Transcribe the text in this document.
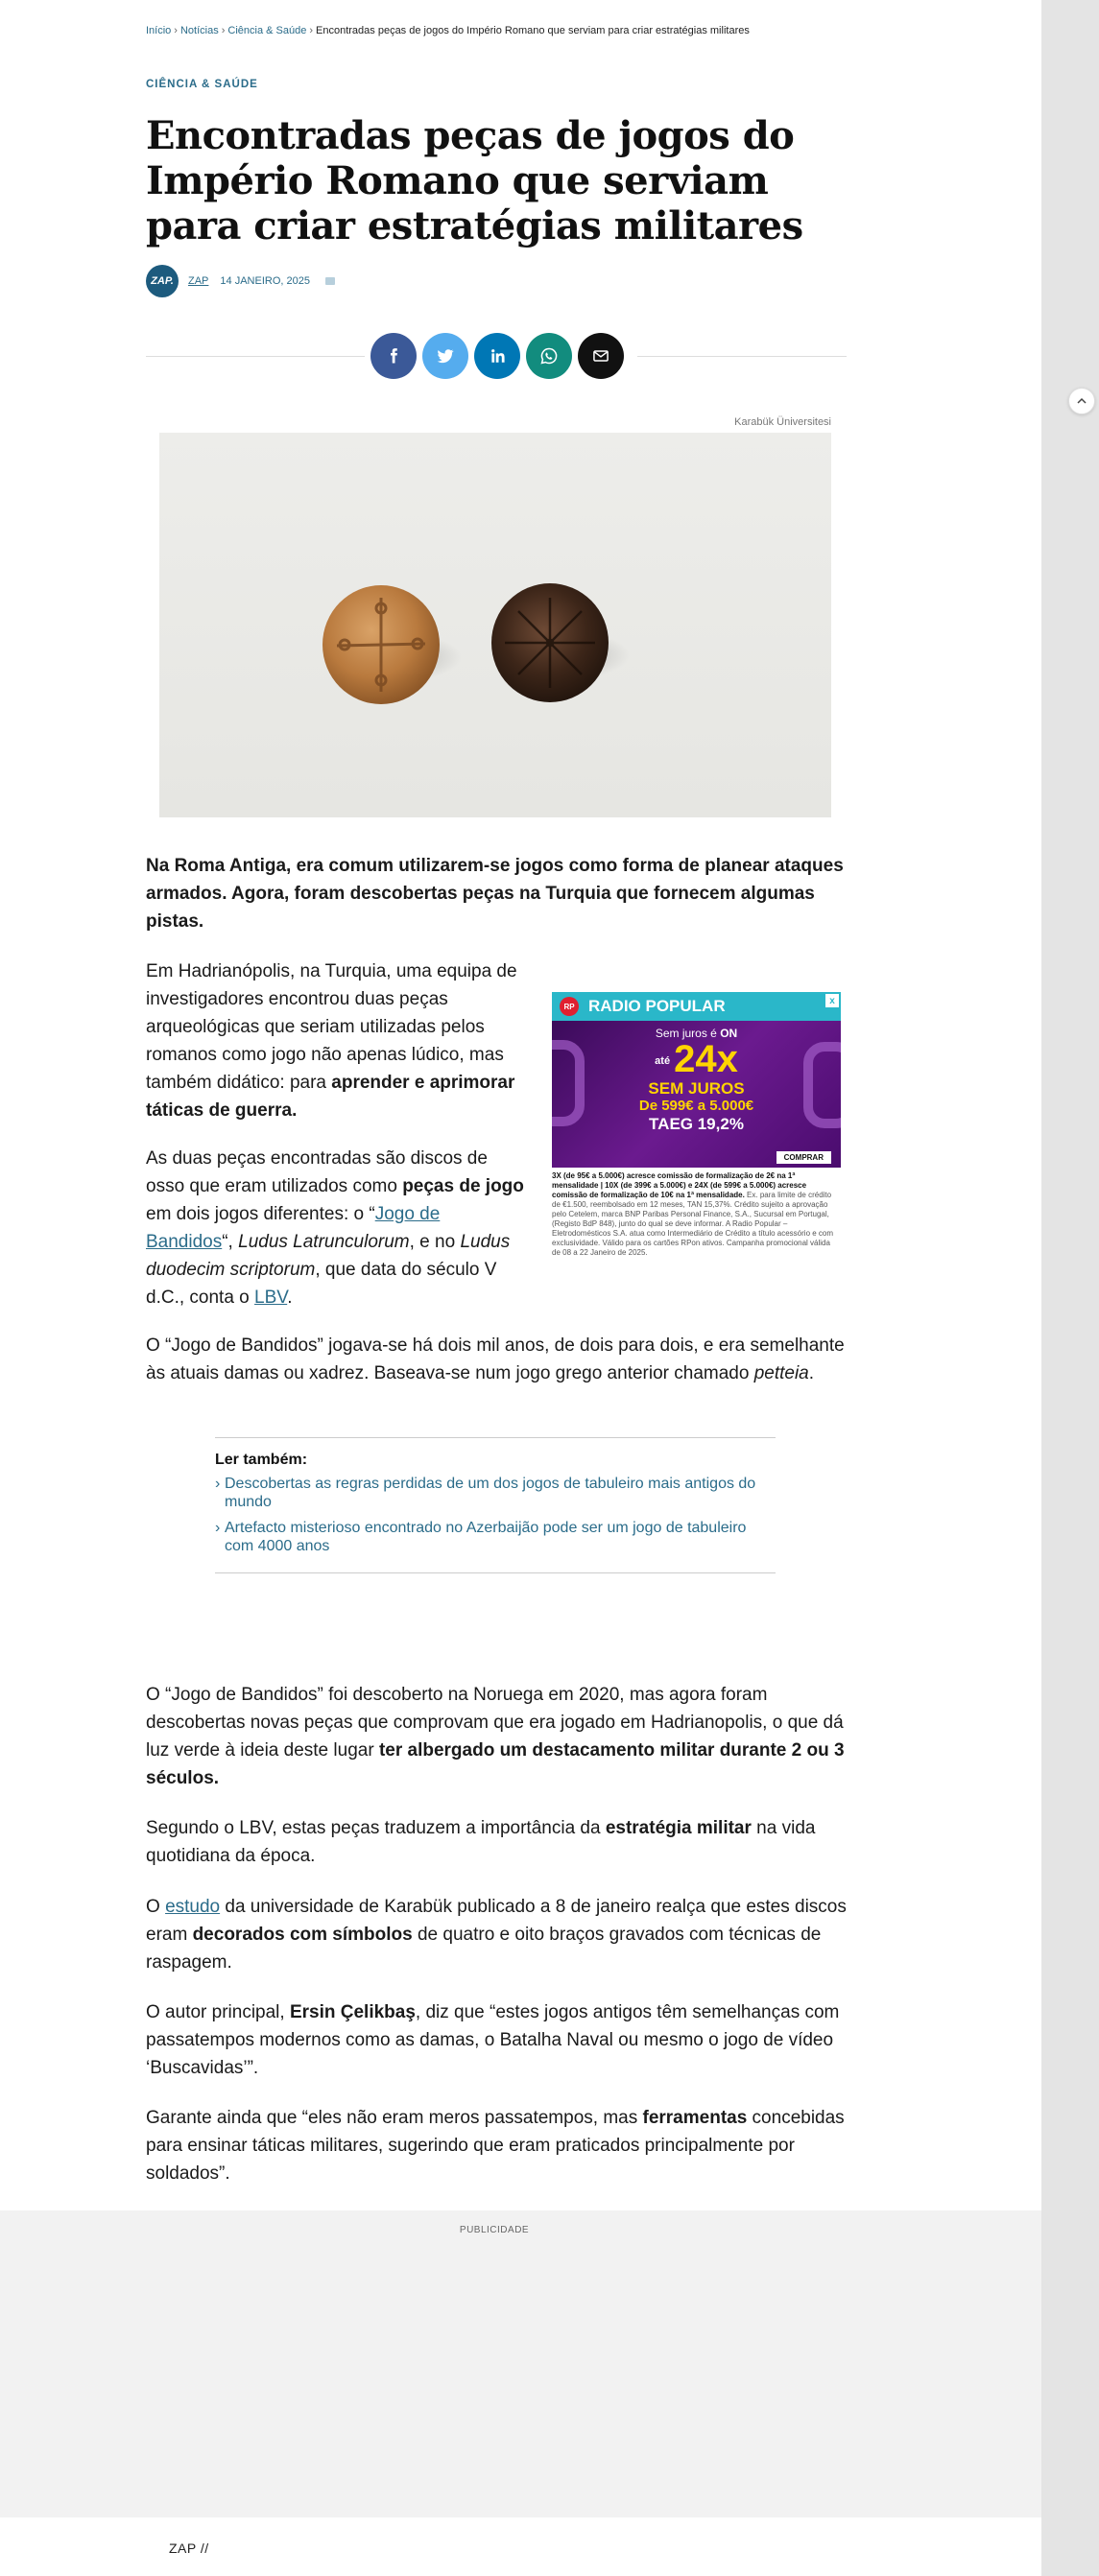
Início › Notícias › Ciência & Saúde › Encontradas peças de jogos do Império Romano que serviam para criar estratégias militares
CIÊNCIA & SAÚDE
Encontradas peças de jogos do Império Romano que serviam para criar estratégias militares
ZAP.	ZAP 14 JANEIRO, 2025
Karabük Üniversitesi

Na Roma Antiga, era comum utilizarem-se jogos como forma de planear ataques armados. Agora, foram descobertas peças na Turquia que fornecem algumas pistas.

Em Hadrianópolis, na Turquia, uma equipa de investigadores encontrou duas peças arqueológicas que seriam utilizadas pelos romanos como jogo não apenas lúdico, mas também didático: para aprender e aprimorar táticas de guerra.

As duas peças encontradas são discos de osso que eram utilizados como peças de jogo em dois jogos diferentes: o “Jogo de Bandidos“, Ludus Latrunculorum, e no Ludus duodecim scriptorum, que data do século V d.C., conta o LBV.

RP RADIO POPULAR	x
Sem juros é ON
até 24x
SEM JUROS
De 599€ a 5.000€
TAEG 19,2%
COMPRAR
3X (de 95€ a 5.000€) acresce comissão de formalização de 2€ na 1ª mensalidade | 10X (de 399€ a 5.000€) e 24X (de 599€ a 5.000€) acresce comissão de formalização de 10€ na 1ª mensalidade. Ex. para limite de crédito de €1.500, reembolsado em 12 meses, TAN 15,37%. Crédito sujeito a aprovação pelo Cetelem, marca BNP Paribas Personal Finance, S.A., Sucursal em Portugal, (Registo BdP 848), junto do qual se deve informar. A Radio Popular – Eletrodomésticos S.A. atua como Intermediário de Crédito a título acessório e com exclusividade. Válido para os cartões RPon ativos. Campanha promocional válida de 08 a 22 Janeiro de 2025.

O “Jogo de Bandidos” jogava-se há dois mil anos, de dois para dois, e era semelhante às atuais damas ou xadrez. Baseava-se num jogo grego anterior chamado petteia.

Ler também:
› Descobertas as regras perdidas de um dos jogos de tabuleiro mais antigos do mundo
› Artefacto misterioso encontrado no Azerbaijão pode ser um jogo de tabuleiro com 4000 anos

O “Jogo de Bandidos” foi descoberto na Noruega em 2020, mas agora foram descobertas novas peças que comprovam que era jogado em Hadrianopolis, o que dá luz verde à ideia deste lugar ter albergado um destacamento militar durante 2 ou 3 séculos.

Segundo o LBV, estas peças traduzem a importância da estratégia militar na vida quotidiana da época.

O estudo da universidade de Karabük publicado a 8 de janeiro realça que estes discos eram decorados com símbolos de quatro e oito braços gravados com técnicas de raspagem.

O autor principal, Ersin Çelikbaş, diz que “estes jogos antigos têm semelhanças com passatempos modernos como as damas, o Batalha Naval ou mesmo o jogo de vídeo ‘Buscavidas’”.

Garante ainda que “eles não eram meros passatempos, mas ferramentas concebidas para ensinar táticas militares, sugerindo que eram praticados principalmente por soldados”.

PUBLICIDADE
ZAP //
